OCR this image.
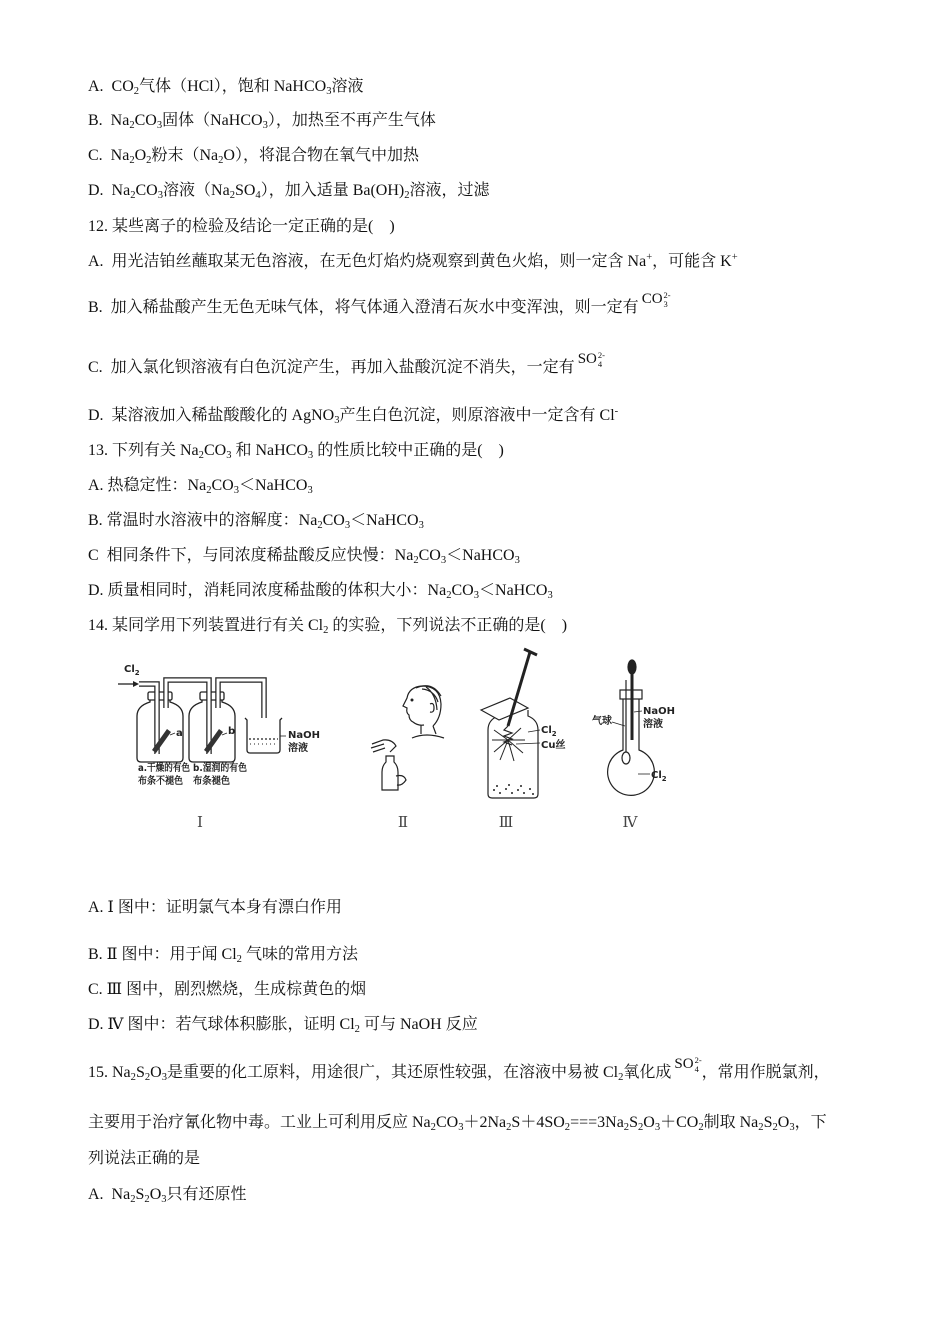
A.  $CO_2$气体（HCl），饱和 NaHCO$_3$溶液
B.  $Na_2CO_3$固体（NaHCO$_3$），加热至不再产生气体
C.  $Na_2O_2$粉末$(Na_2O)$，将混合物在氧气中加热
D.  $Na_2CO_3$溶液$(Na_2SO_4)$，加入适量 $Ba(OH)_2$溶液，过滤
12. 某些离子的检验及结论一定正确的是(    )
A.  用光洁铂丝蘸取某无色溶液，在无色灯焰灼烧观察到黄色火焰，则一定含 Na+，可能含 K+
B.  加入稀盐酸产生无色无味气体，将气体通入澄清石灰水中变浑浊，则一定有 CO 2-
3
C.  加入氯化钡溶液有白色沉淀产生，再加入盐酸沉淀不消失，一定有 SO 2-
4
D.  某溶液加入稀盐酸酸化的 AgNO$_3$产生白色沉淀，则原溶液中一定含有 Cl-
13. 下列有关 $Na_2CO_3$ 和 NaHCO$_3$ 的性质比较中正确的是(    )
A. 热稳定性：$Na_2CO_3<NaHCO_3$
B. 常温时水溶液中的溶解度：$Na_2CO_3<NaHCO_3$
C  相同条件下，与同浓度稀盐酸反应快慢：$Na_2CO_3<NaHCO_3$
D. 质量相同时，消耗同浓度稀盐酸的体积大小：$Na_2CO_3<NaHCO_3$
14. 某同学用下列装置进行有关 $Cl_2$ 的实验，下列说法不正确的是(    )
$Cl_2$
a	b	NaOH
溶液
a.干燥的有色
布条不褪色
b.湿润的有色
布条褪色
Ⅰ	Ⅱ
$Cl_2$
Cu丝
Ⅲ
气球
NaOH
溶液
$Cl_2$
Ⅳ
A. Ⅰ 图中：证明氯气本身有漂白作用
B. Ⅱ 图中：用于闻 $Cl_2$ 气味的常用方法
C. Ⅲ 图中，剧烈燃烧，生成棕黄色的烟
D. Ⅳ 图中：若气球体积膨胀，证明 $Cl_2$ 可与 NaOH 反应
15. $Na_2S_2O_3$是重要的化工原料，用途很广，其还原性较强，在溶液中易被 $Cl_2$氧化成 SO 2-
4 ，常用作脱氯剂，
主要用于治疗氰化物中毒。工业上可利用反应 $Na_2CO_3+2Na_2S+4SO_2===3Na_2S_2O_3+CO_2$制取 $Na_2S_2O_3$，下
列说法正确的是
A.  $Na_2S_2O_3$只有还原性
